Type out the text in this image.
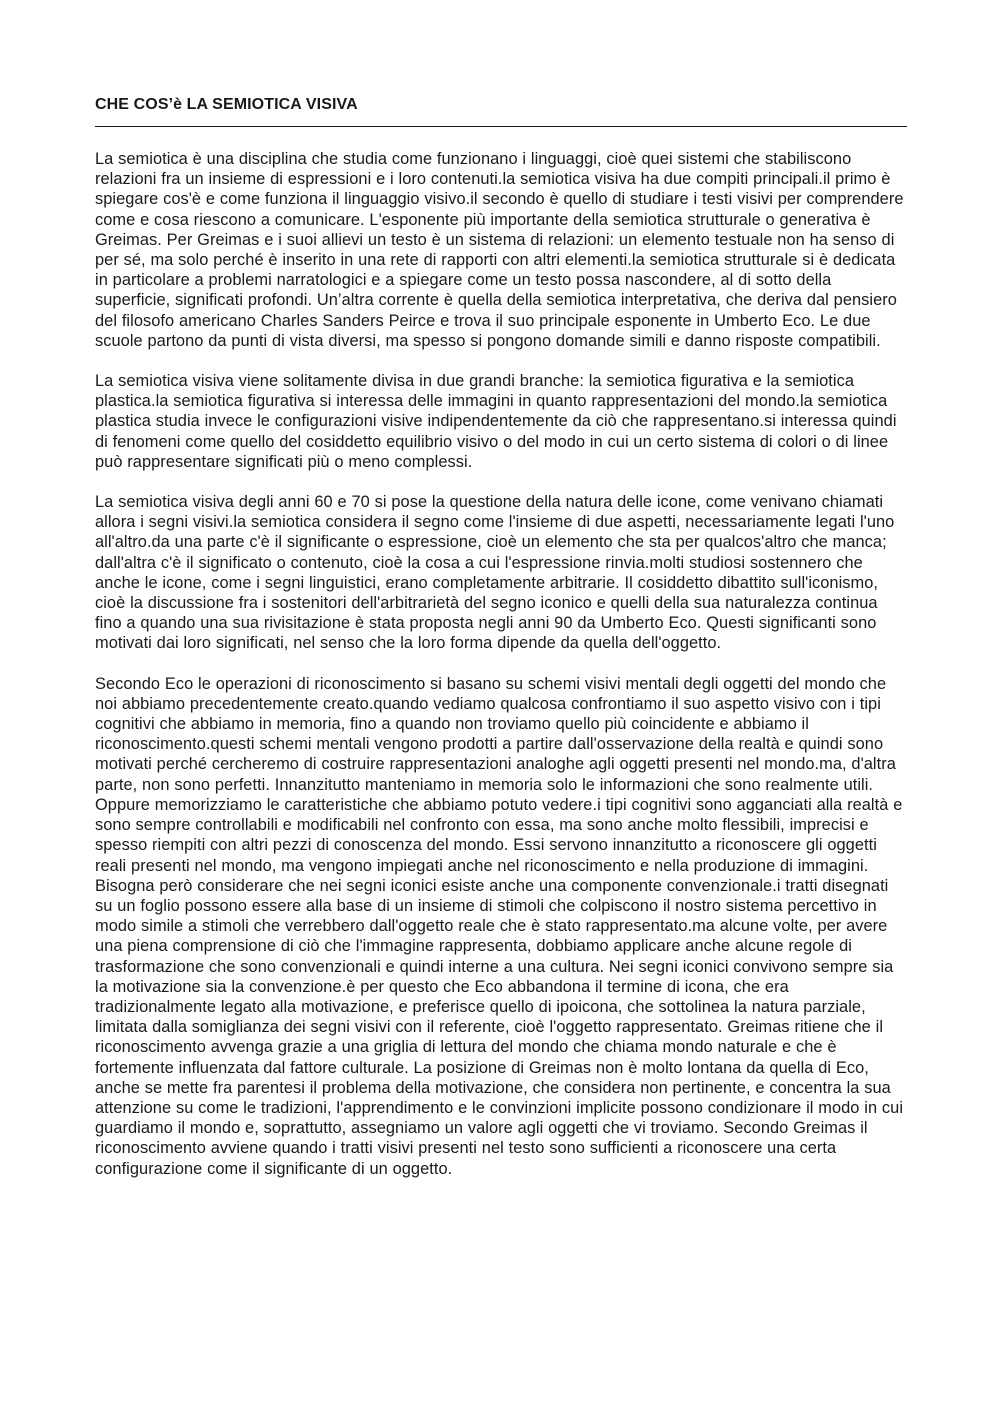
CHE COS’è LA SEMIOTICA VISIVA

La semiotica è una disciplina che studia come funzionano i linguaggi, cioè quei sistemi che stabiliscono relazioni fra un insieme di espressioni e i loro contenuti.la semiotica visiva ha due compiti principali.il primo è spiegare cos'è e come funziona il linguaggio visivo.il secondo è quello di studiare i testi visivi per comprendere come e cosa riescono a comunicare. L'esponente più importante della semiotica strutturale o generativa è Greimas. Per Greimas e i suoi allievi un testo è un sistema di relazioni: un elemento testuale non ha senso di per sé, ma solo perché è inserito in una rete di rapporti con altri elementi.la semiotica strutturale si è dedicata in particolare a problemi narratologici e a spiegare come un testo possa nascondere, al di sotto della superficie, significati profondi. Un’altra corrente è quella della semiotica interpretativa, che deriva dal pensiero del filosofo americano Charles Sanders Peirce e trova il suo principale esponente in Umberto Eco. Le due scuole partono da punti di vista diversi, ma spesso si pongono domande simili e danno risposte compatibili.

La semiotica visiva viene solitamente divisa in due grandi branche: la semiotica figurativa e la semiotica plastica.la semiotica figurativa si interessa delle immagini in quanto rappresentazioni del mondo.la semiotica plastica studia invece le configurazioni visive indipendentemente da ciò che rappresentano.si interessa quindi di fenomeni come quello del cosiddetto equilibrio visivo o del modo in cui un certo sistema di colori o di linee può rappresentare significati più o meno complessi.

La semiotica visiva degli anni 60 e 70 si pose la questione della natura delle icone, come venivano chiamati allora i segni visivi.la semiotica considera il segno come l'insieme di due aspetti, necessariamente legati l'uno all'altro.da una parte c'è il significante o espressione, cioè un elemento che sta per qualcos'altro che manca; dall'altra c'è il significato o contenuto, cioè la cosa a cui l'espressione rinvia.molti studiosi sostennero che anche le icone, come i segni linguistici, erano completamente arbitrarie. Il cosiddetto dibattito sull'iconismo, cioè la discussione fra i sostenitori dell'arbitrarietà del segno iconico e quelli della sua naturalezza continua fino a quando una sua rivisitazione è stata proposta negli anni 90 da Umberto Eco. Questi significanti sono motivati dai loro significati, nel senso che la loro forma dipende da quella dell'oggetto.

Secondo Eco le operazioni di riconoscimento si basano su schemi visivi mentali degli oggetti del mondo che noi abbiamo precedentemente creato.quando vediamo qualcosa confrontiamo il suo aspetto visivo con i tipi cognitivi che abbiamo in memoria, fino a quando non troviamo quello più coincidente e abbiamo il riconoscimento.questi schemi mentali vengono prodotti a partire dall'osservazione della realtà e quindi sono motivati perché cercheremo di costruire rappresentazioni analoghe agli oggetti presenti nel mondo.ma, d'altra parte, non sono perfetti. Innanzitutto manteniamo in memoria solo le informazioni che sono realmente utili. Oppure memorizziamo le caratteristiche che abbiamo potuto vedere.i tipi cognitivi sono agganciati alla realtà e sono sempre controllabili e modificabili nel confronto con essa, ma sono anche molto flessibili, imprecisi e spesso riempiti con altri pezzi di conoscenza del mondo. Essi servono innanzitutto a riconoscere gli oggetti reali presenti nel mondo, ma vengono impiegati anche nel riconoscimento e nella produzione di immagini. Bisogna però considerare che nei segni iconici esiste anche una componente convenzionale.i tratti disegnati su un foglio possono essere alla base di un insieme di stimoli che colpiscono il nostro sistema percettivo in modo simile a stimoli che verrebbero dall'oggetto reale che è stato rappresentato.ma alcune volte, per avere una piena comprensione di ciò che l'immagine rappresenta, dobbiamo applicare anche alcune regole di trasformazione che sono convenzionali e quindi interne a una cultura. Nei segni iconici convivono sempre sia la motivazione sia la convenzione.è per questo che Eco abbandona il termine di icona, che era tradizionalmente legato alla motivazione, e preferisce quello di ipoicona, che sottolinea la natura parziale, limitata dalla somiglianza dei segni visivi con il referente, cioè l'oggetto rappresentato. Greimas ritiene che il riconoscimento avvenga grazie a una griglia di lettura del mondo che chiama mondo naturale e che è fortemente influenzata dal fattore culturale. La posizione di Greimas non è molto lontana da quella di Eco, anche se mette fra parentesi il problema della motivazione, che considera non pertinente, e concentra la sua attenzione su come le tradizioni, l'apprendimento e le convinzioni implicite possono condizionare il modo in cui guardiamo il mondo e, soprattutto, assegniamo un valore agli oggetti che vi troviamo. Secondo Greimas il riconoscimento avviene quando i tratti visivi presenti nel testo sono sufficienti a riconoscere una certa configurazione come il significante di un oggetto.
